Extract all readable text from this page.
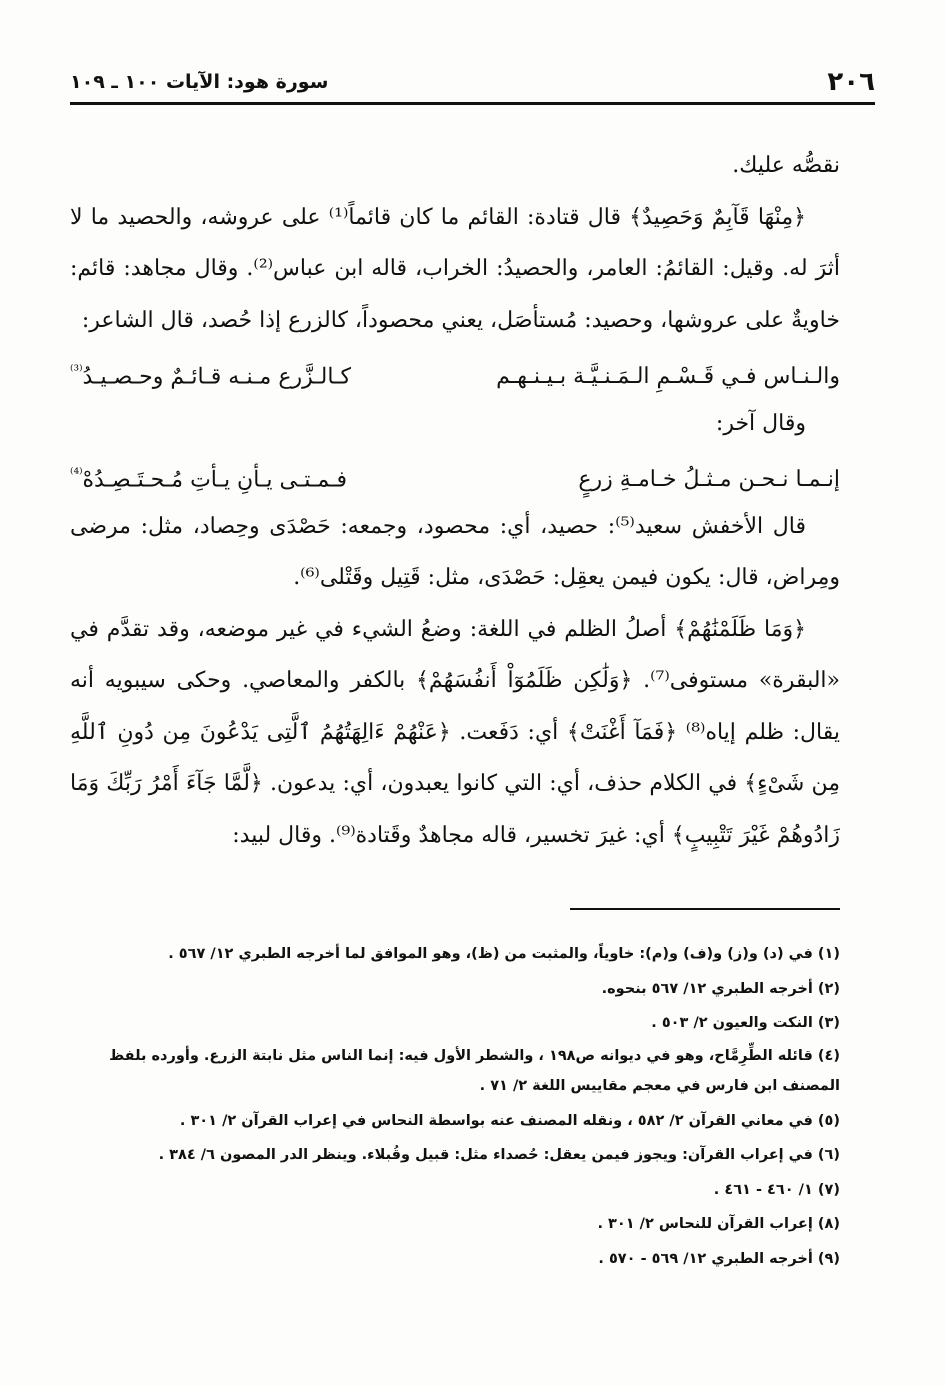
٢٠٦
سورة هود: الآيات ١٠٠ ـ ١٠٩

نقصُّه عليك.

﴿مِنْهَا قَآبِمٌ وَحَصِيدٌ﴾ قال قتادة: القائم ما كان قائماً⁽¹⁾ على عروشه، والحصيد ما لا أثرَ له. وقيل: القائمُ: العامر، والحصيدُ: الخراب، قاله ابن عباس⁽²⁾. وقال مجاهد: قائم: خاويةٌ على عروشها، وحصيد: مُستأصَل، يعني محصوداً، كالزرع إذا حُصد، قال الشاعر:

والـنـاس فـي قَـسْـمِ الـمَـنـيَّـة بـيـنـهـم
كـالـزَّرع مـنـه قـائـمٌ وحـصـيـدُ$^{^{(3)}}$

وقال آخر:

إنـمـا نـحـن مـثـلُ خـامـةِ زرعٍ
فـمـتـى يـأنِ يـأتِ مُـحـتَـصِـدُهْ$^{^{(4)}}$

قال الأخفش سعيد⁽⁵⁾: حصيد، أي: محصود، وجمعه: حَصْدَى وحِصاد، مثل: مرضى ومِراض، قال: يكون فيمن يعقِل: حَصْدَى، مثل: قَتِيل وقَتْلى⁽⁶⁾.

﴿وَمَا ظَلَمْنَٰهُمْ﴾ أصلُ الظلم في اللغة: وضعُ الشيء في غير موضعه، وقد تقدَّم في «البقرة» مستوفى⁽⁷⁾. ﴿وَلَٰكِن ظَلَمُوٓاْ أَنفُسَهُمْ﴾ بالكفر والمعاصي. وحكى سيبويه أنه يقال: ظلم إياه⁽⁸⁾ ﴿فَمَآ أَغْنَتْ﴾ أي: دَفَعت. ﴿عَنْهُمْ ءَالِهَتُهُمُ ٱلَّتِى يَدْعُونَ مِن دُونِ ٱللَّهِ مِن شَىْءٍ﴾ في الكلام حذف، أي: التي كانوا يعبدون، أي: يدعون. ﴿لَّمَّا جَآءَ أَمْرُ رَبِّكَ وَمَا زَادُوهُمْ غَيْرَ تَتْبِيبٍ﴾ أي: غيرَ تخسير، قاله مجاهدٌ وقَتادة⁽⁹⁾. وقال لبيد:

(١) في (د) و(ز) و(ف) و(م): خاوياً، والمثبت من (ظ)، وهو الموافق لما أخرجه الطبري ١٢/ ٥٦٧ .

(٢) أخرجه الطبري ١٢/ ٥٦٧ بنحوه.

(٣) النكت والعيون ٢/ ٥٠٣ .

(٤) قائله الطِّرِمَّاح، وهو في ديوانه ص١٩٨ ، والشطر الأول فيه: إنما الناس مثل نابتة الزرع. وأورده بلفظ المصنف ابن فارس في معجم مقاييس اللغة ٢/ ٧١ .

(٥) في معاني القرآن ٢/ ٥٨٢ ، ونقله المصنف عنه بواسطة النحاس في إعراب القرآن ٢/ ٣٠١ .

(٦) في إعراب القرآن: ويجوز فيمن يعقل: حُصداء مثل: قبيل وقُبلاء. وينظر الدر المصون ٦/ ٣٨٤ .

(٧) ١/ ٤٦٠ - ٤٦١ .

(٨) إعراب القرآن للنحاس ٢/ ٣٠١ .

(٩) أخرجه الطبري ١٢/ ٥٦٩ - ٥٧٠ .
